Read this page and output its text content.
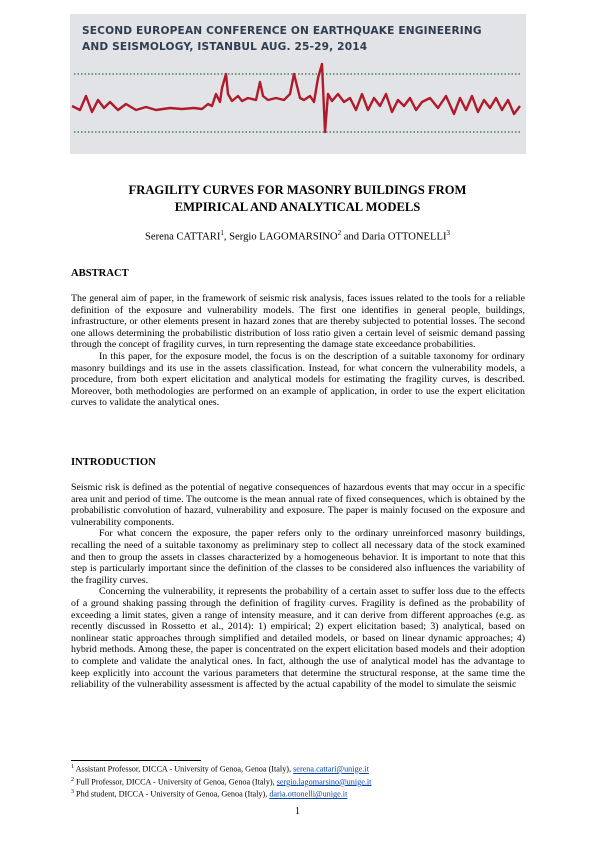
SECOND EUROPEAN CONFERENCE ON EARTHQUAKE ENGINEERING
AND SEISMOLOGY, ISTANBUL AUG. 25-29, 2014
FRAGILITY CURVES FOR MASONRY BUILDINGS FROM
EMPIRICAL AND ANALYTICAL MODELS
Serena CATTARI$^1$, Sergio LAGOMARSINO$^2$ and Daria OTTONELLI$^3$
ABSTRACT

The general aim of paper, in the framework of seismic risk analysis, faces issues related to the tools for a reliable definition of the exposure and vulnerability models. The first one identifies in general people, buildings, infrastructure, or other elements present in hazard zones that are thereby subjected to potential losses. The second one allows determining the probabilistic distribution of loss ratio given a certain level of seismic demand passing through the concept of fragility curves, in turn representing the damage state exceedance probabilities.

In this paper, for the exposure model, the focus is on the description of a suitable taxonomy for ordinary masonry buildings and its use in the assets classification. Instead, for what concern the vulnerability models, a procedure, from both expert elicitation and analytical models for estimating the fragility curves, is described. Moreover, both methodologies are performed on an example of application, in order to use the expert elicitation curves to validate the analytical ones.

INTRODUCTION

Seismic risk is defined as the potential of negative consequences of hazardous events that may occur in a specific area unit and period of time. The outcome is the mean annual rate of fixed consequences, which is obtained by the probabilistic convolution of hazard, vulnerability and exposure. The paper is mainly focused on the exposure and vulnerability components.

For what concern the exposure, the paper refers only to the ordinary unreinforced masonry buildings, recalling the need of a suitable taxonomy as preliminary step to collect all necessary data of the stock examined and then to group the assets in classes characterized by a homogeneous behavior. It is important to note that this step is particularly important since the definition of the classes to be considered also influences the variability of the fragility curves.

Concerning the vulnerability, it represents the probability of a certain asset to suffer loss due to the effects of a ground shaking passing through the definition of fragility curves. Fragility is defined as the probability of exceeding a limit states, given a range of intensity measure, and it can derive from different approaches (e.g. as recently discussed in Rossetto et al., 2014): 1) empirical; 2) expert elicitation based; 3) analytical, based on nonlinear static approaches through simplified and detailed models, or based on linear dynamic approaches; 4) hybrid methods. Among these, the paper is concentrated on the expert elicitation based models and their adoption to complete and validate the analytical ones. In fact, although the use of analytical model has the advantage to keep explicitly into account the various parameters that determine the structural response, at the same time the reliability of the vulnerability assessment is affected by the actual capability of the model to simulate the seismic

$^1$ Assistant Professor, DICCA - University of Genoa, Genoa (Italy), serena.cattari@unige.it
$^2$ Full Professor, DICCA - University of Genoa, Genoa (Italy), sergio.lagomarsino@unige.it
$^3$ Phd student, DICCA - University of Genoa, Genoa (Italy), daria.ottonelli@unige.it
1
